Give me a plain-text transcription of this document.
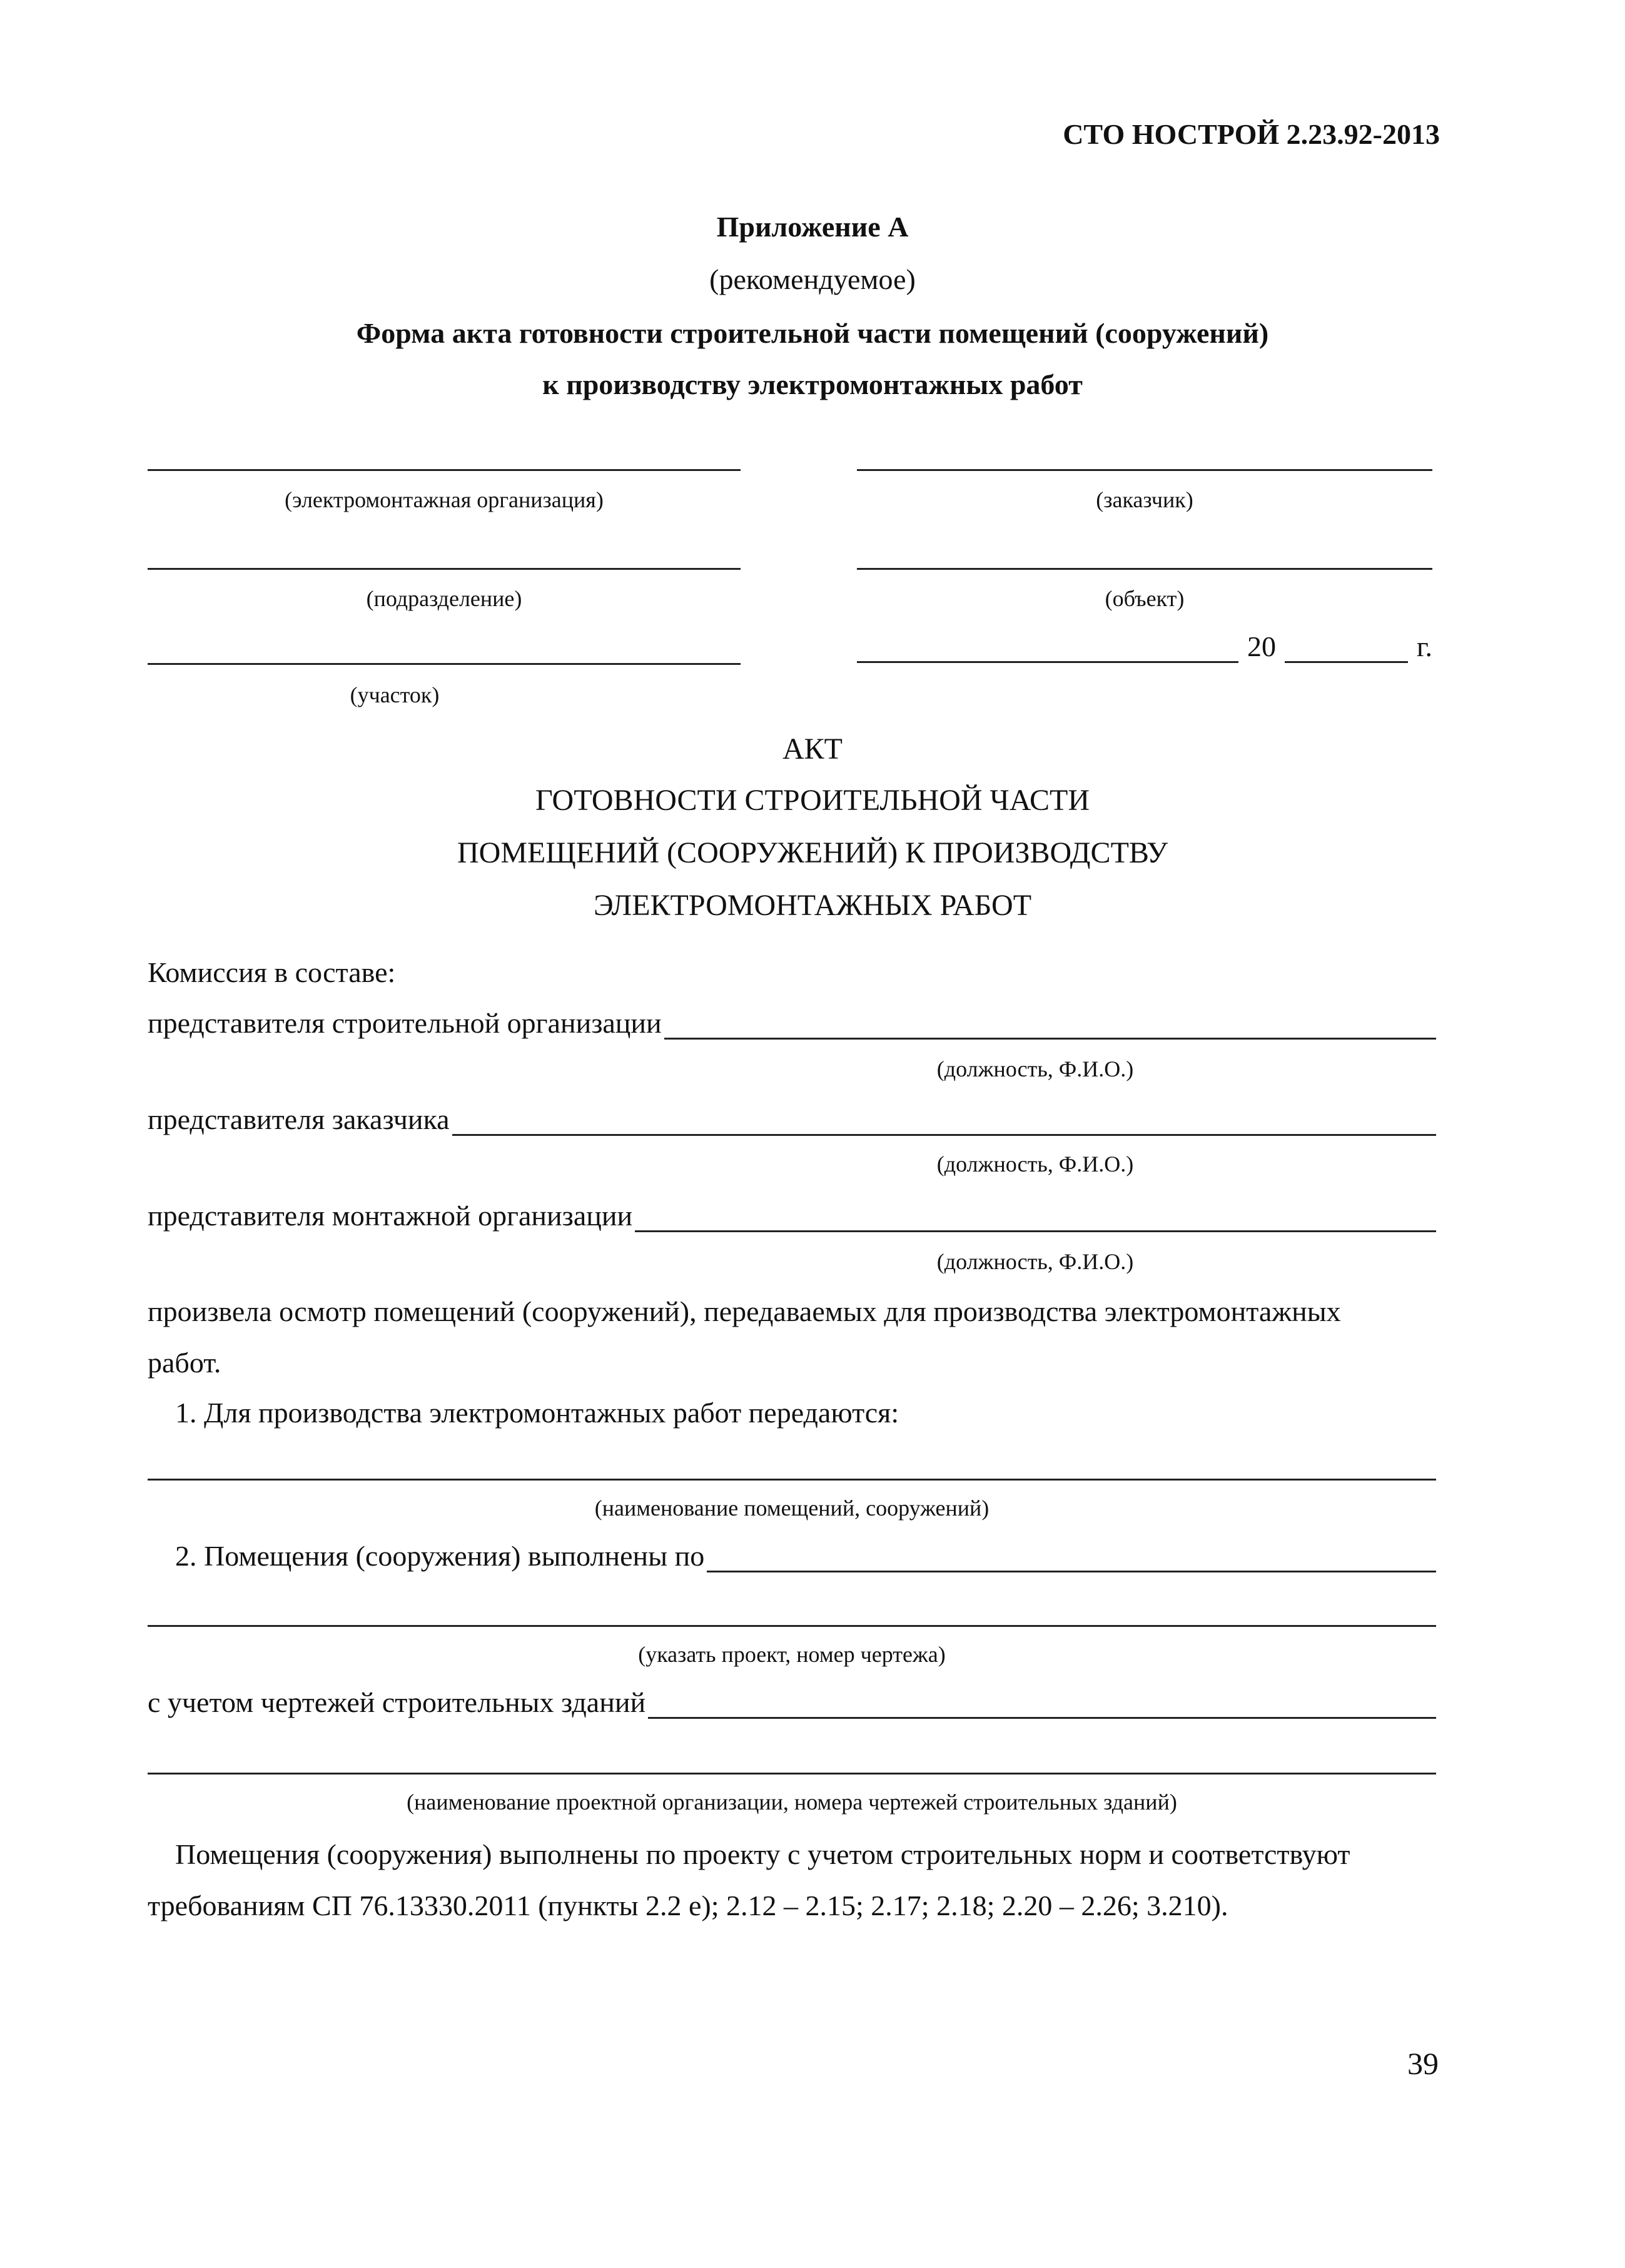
СТО НОСТРОЙ 2.23.92-2013
Приложение А
(рекомендуемое)
Форма акта готовности строительной части помещений (сооружений)
к производству электромонтажных работ
(электромонтажная организация)
(подразделение)
(участок)
(заказчик)
(объект)
20	г.
АКТ
ГОТОВНОСТИ СТРОИТЕЛЬНОЙ ЧАСТИ
ПОМЕЩЕНИЙ (СООРУЖЕНИЙ) К ПРОИЗВОДСТВУ
ЭЛЕКТРОМОНТАЖНЫХ РАБОТ
Комиссия в составе:
представителя строительной организации
(должность, Ф.И.О.)
представителя заказчика
(должность, Ф.И.О.)
представителя монтажной организации
(должность, Ф.И.О.)
произвела осмотр помещений (сооружений), передаваемых для производства электромонтажных
работ.
1. Для производства электромонтажных работ передаются:
(наименование помещений, сооружений)
2. Помещения (сооружения) выполнены по
(указать проект, номер чертежа)
с учетом чертежей строительных зданий
(наименование проектной организации, номера чертежей строительных зданий)
Помещения (сооружения) выполнены по проекту с учетом строительных норм и соответствуют
требованиям СП 76.13330.2011 (пункты 2.2 е); 2.12 – 2.15; 2.17; 2.18; 2.20 – 2.26; 3.210).
39
